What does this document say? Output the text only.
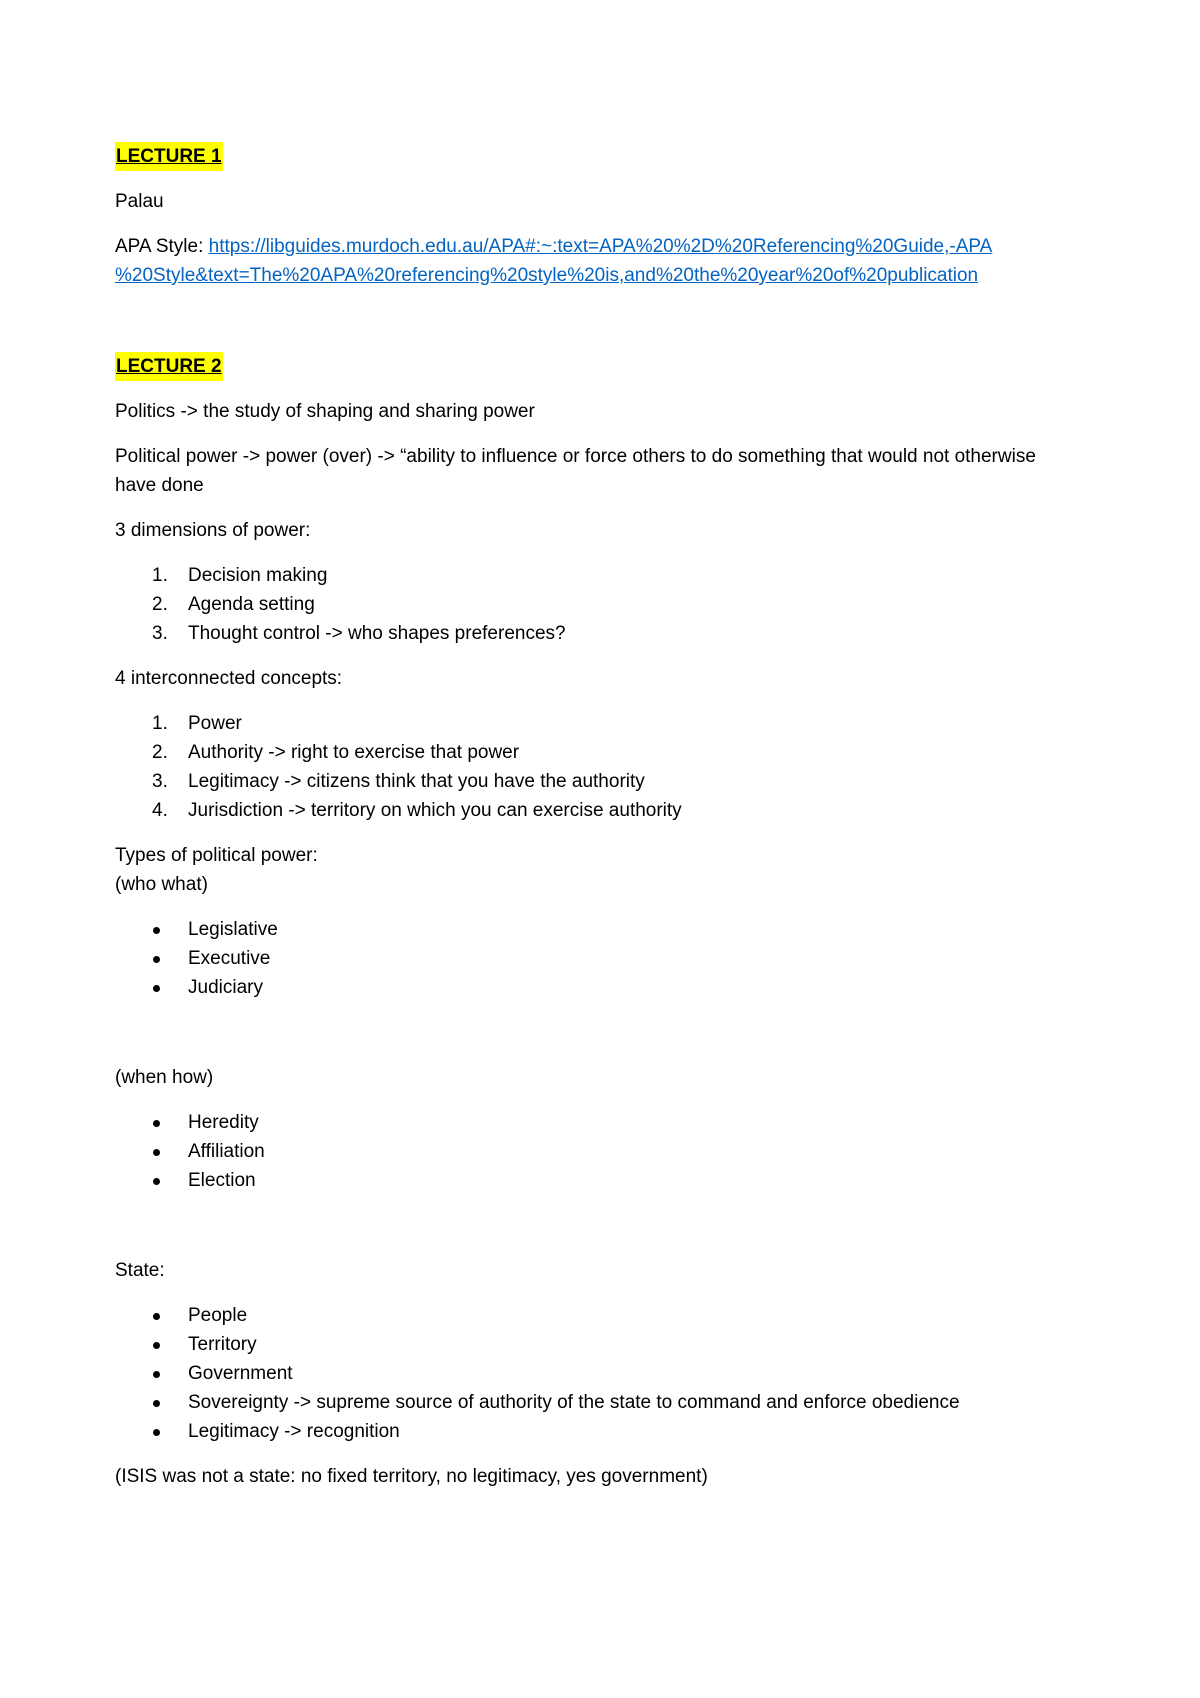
LECTURE 1

Palau

APA Style: https://libguides.murdoch.edu.au/APA#:~:text=APA%20%2D%20Referencing%20Guide,-APA
%20Style&text=The%20APA%20referencing%20style%20is,and%20the%20year%20of%20publication

LECTURE 2

Politics -> the study of shaping and sharing power

Political power -> power (over) -> “ability to influence or force others to do something that would not otherwise have done

3 dimensions of power:

1. Decision making
2. Agenda setting
3. Thought control -> who shapes preferences?

4 interconnected concepts:

1. Power
2. Authority -> right to exercise that power
3. Legitimacy -> citizens think that you have the authority
4. Jurisdiction -> territory on which you can exercise authority

Types of political power:
(who what)

Legislative
Executive
Judiciary

(when how)

Heredity
Affiliation
Election

State:

People
Territory
Government
Sovereignty -> supreme source of authority of the state to command and enforce obedience
Legitimacy -> recognition

(ISIS was not a state: no fixed territory, no legitimacy, yes government)
